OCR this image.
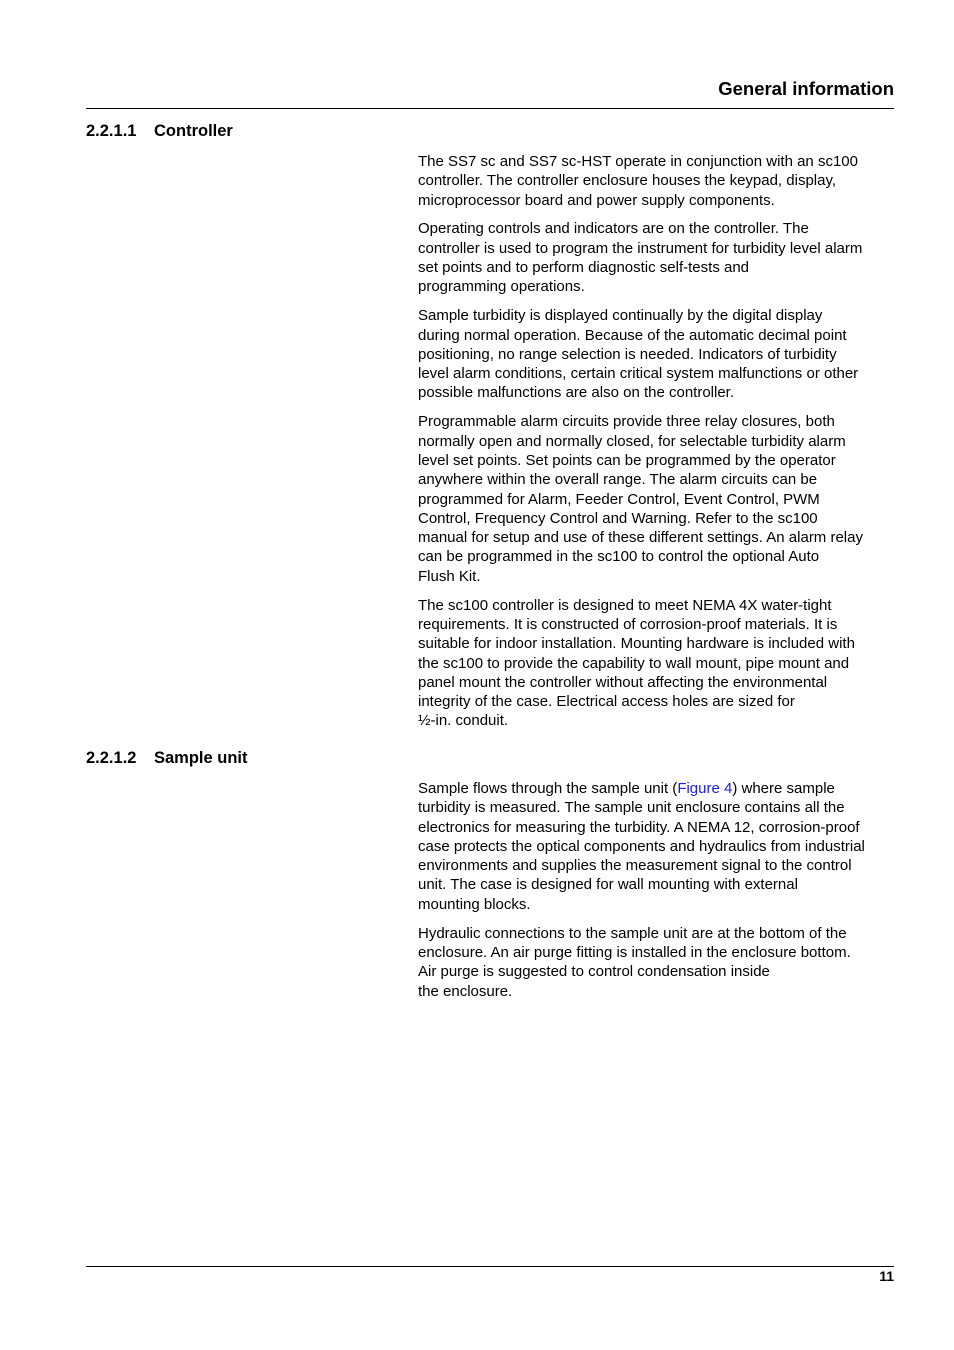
General information
2.2.1.1 Controller

The SS7 sc and SS7 sc-HST operate in conjunction with an sc100
controller. The controller enclosure houses the keypad, display,
microprocessor board and power supply components.

Operating controls and indicators are on the controller. The
controller is used to program the instrument for turbidity level alarm
set points and to perform diagnostic self-tests and
programming operations.

Sample turbidity is displayed continually by the digital display
during normal operation. Because of the automatic decimal point
positioning, no range selection is needed. Indicators of turbidity
level alarm conditions, certain critical system malfunctions or other
possible malfunctions are also on the controller.

Programmable alarm circuits provide three relay closures, both
normally open and normally closed, for selectable turbidity alarm
level set points. Set points can be programmed by the operator
anywhere within the overall range. The alarm circuits can be
programmed for Alarm, Feeder Control, Event Control, PWM
Control, Frequency Control and Warning. Refer to the sc100
manual for setup and use of these different settings. An alarm relay
can be programmed in the sc100 to control the optional Auto
Flush Kit.

The sc100 controller is designed to meet NEMA 4X water-tight
requirements. It is constructed of corrosion-proof materials. It is
suitable for indoor installation. Mounting hardware is included with
the sc100 to provide the capability to wall mount, pipe mount and
panel mount the controller without affecting the environmental
integrity of the case. Electrical access holes are sized for
½-in. conduit.

2.2.1.2 Sample unit

Sample flows through the sample unit (Figure 4) where sample
turbidity is measured. The sample unit enclosure contains all the
electronics for measuring the turbidity. A NEMA 12, corrosion-proof
case protects the optical components and hydraulics from industrial
environments and supplies the measurement signal to the control
unit. The case is designed for wall mounting with external
mounting blocks.

Hydraulic connections to the sample unit are at the bottom of the
enclosure. An air purge fitting is installed in the enclosure bottom.
Air purge is suggested to control condensation inside
the enclosure.

11
